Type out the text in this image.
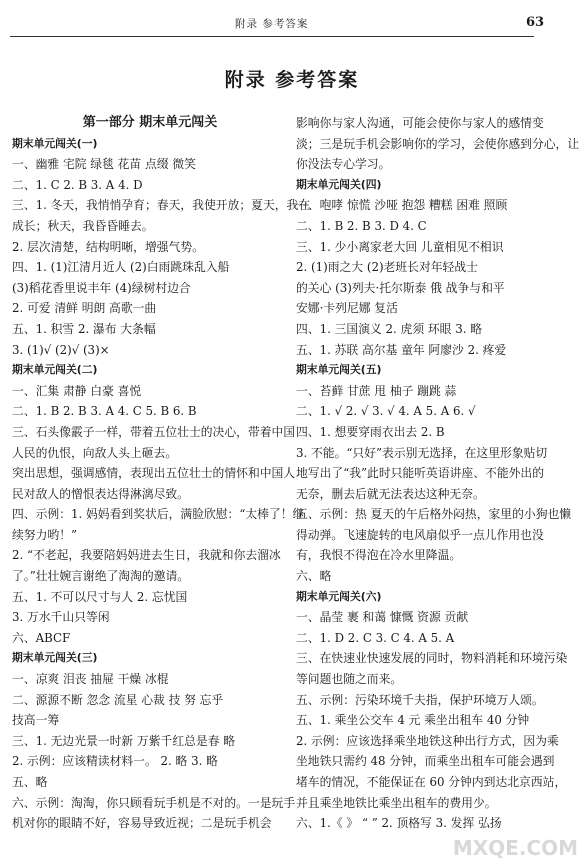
附录 参考答案	63
附录 参考答案
第一部分 期末单元闯关
期末单元闯关(一)
一、幽雅 宅院 绿毯 花苗 点缀 微笑
二、1. C 2. B 3. A 4. D
三、1. 冬天，我悄悄孕育；春天，我使开放；夏天，我在
成长；秋天，我昏昏睡去。
2. 层次清楚，结构明晰，增强气势。
四、1. (1)江清月近人 (2)白雨跳珠乱入船
(3)稻花香里说丰年 (4)绿树村边合
2. 可爱 清鲜 明朗 高歌一曲
五、1. 积雪 2. 瀑布 大条幅
3. (1)√ (2)√ (3)×
期末单元闯关(二)
一、汇集 肃静 白豪 喜悦
二、1. B 2. B 3. A 4. C 5. B 6. B
三、石头像霰子一样，带着五位壮士的决心，带着中国
人民的仇恨，向敌人头上砸去。
突出思想，强调感情，表现出五位壮士的情怀和中国人
民对敌人的憎恨表达得淋漓尽致。
四、示例：1. 妈妈看到奖状后，满脸欣慰：“太棒了！继
续努力哟！”
2. “不老起，我要陪妈妈进去生日，我就和你去溜冰
了。”壮壮婉言谢绝了淘淘的邀请。
五、1. 不可以尺寸与人 2. 忘忧国
3. 万水千山只等闲
六、ABCF
期末单元闯关(三)
一、凉爽 泪丧 抽屉 干燥 冰棍
二、源源不断 忽念 流星 心裁 技 努 忘乎
技高一筹
三、1. 无边光景一时新 万紫千红总是春 略
2. 示例：应该精读材料一。 2. 略 3. 略
五、略
六、示例：淘淘，你只顾看玩手机是不对的。一是玩手
机对你的眼睛不好，容易导致近视；二是玩手机会
影响你与家人沟通，可能会使你与家人的感情变
淡；三是玩手机会影响你的学习，会使你感到分心，让
你没法专心学习。
期末单元闯关(四)
一、咆哮 惊慌 沙哑 抱怨 糟糕 困难 照顾
二、1. B 2. B 3. D 4. C
三、1. 少小离家老大回 儿童相见不相识
2. (1)雨之大 (2)老班长对年轻战士
的关心 (3)列夫·托尔斯泰 俄 战争与和平
安娜·卡列尼娜 复活
四、1. 三国演义 2. 虎须 环眼 3. 略
五、1. 苏联 高尔基 童年 阿廖沙 2. 疼爱
期末单元闯关(五)
一、苔藓 甘蔗 甩 柚子 蹦跳 蒜
二、1. √ 2. √ 3. √ 4. A 5. A 6. √
四、1. 想要穿雨衣出去 2. B
3. 不能。“只好”表示别无选择，在这里形象贴切
地写出了“我”此时只能听英语讲座、不能外出的
无奈，删去后就无法表达这种无奈。
五、示例：热 夏天的午后格外闷热，家里的小狗也懒
得动弹。飞速旋转的电风扇似乎一点儿作用也没
有，我恨不得泡在冷水里降温。
六、略
期末单元闯关(六)
一、晶莹 裹 和蔼 慷慨 资源 贡献
二、1. D 2. C 3. C 4. A 5. A
三、在快速业快速发展的同时，物料消耗和环境污染
等问题也随之而来。
五、示例：污染环境千夫指，保护环境万人颂。
五、1. 乘坐公交车 4 元 乘坐出租车 40 分钟
2. 示例：应该选择乘坐地铁这种出行方式，因为乘
坐地铁只需约 48 分钟，而乘坐出租车可能会遇到
堵车的情况，不能保证在 60 分钟内到达北京西站，
并且乘坐地铁比乘坐出租车的费用少。
六、1.《 》 “ ” 2. 顶格写 3. 发挥 弘扬
MXQE.COM
